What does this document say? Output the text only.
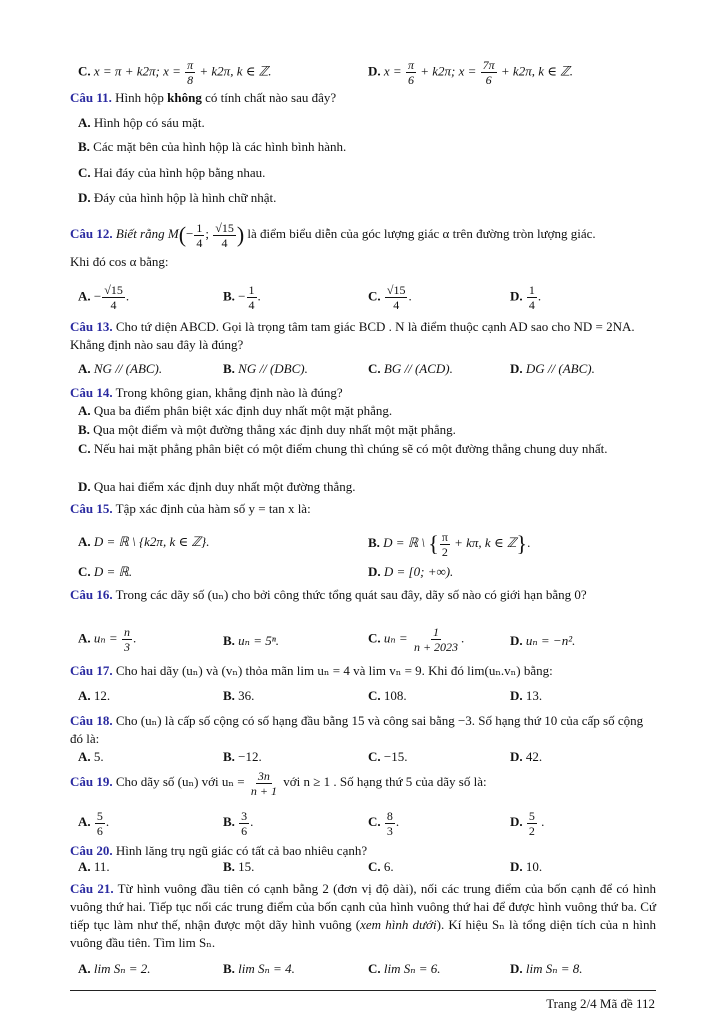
C. x = π + k2π; $x = \frac{\pi}{8} + k2\pi$, k ∈ ℤ.	D. $x = \frac{\pi}{6} + k2\pi$; $x = \frac{7\pi}{6} + k2\pi$, k ∈ ℤ.
Câu 11. Hình hộp không có tính chất nào sau đây?
A. Hình hộp có sáu mặt.
B. Các mặt bên của hình hộp là các hình bình hành.
C. Hai đáy của hình hộp bằng nhau.
D. Đáy của hình hộp là hình chữ nhật.
Câu 12. Biết rằng $M(- \frac{1}{4}$ ; $\frac{√15}{4}$ ) là điểm biểu diễn của góc lượng giác α trên đường tròn lượng giác.
Khi đó cos α bằng:
A. − $\frac{√15}{4}$ .	B. − $\frac{1}{4}$ .	C. $\frac{√15}{4}$ .	D. $\frac{1}{4}$ .
Câu 13. Cho tứ diện ABCD. Gọi là trọng tâm tam giác BCD . N là điểm thuộc cạnh AD sao cho ND = 2NA. Khẳng định nào sau đây là đúng?
A. NG // (ABC).	B. NG // (DBC).	C. BG // (ACD).	D. DG // (ABC).
Câu 14. Trong không gian, khẳng định nào là đúng?
A. Qua ba điểm phân biệt xác định duy nhất một mặt phẳng.
B. Qua một điểm và một đường thẳng xác định duy nhất một mặt phẳng.
C. Nếu hai mặt phẳng phân biệt có một điểm chung thì chúng sẽ có một đường thẳng chung duy nhất.
D. Qua hai điểm xác định duy nhất một đường thẳng.
Câu 15. Tập xác định của hàm số y = tan x là:
A. D = ℝ \ {k2π, k ∈ ℤ}.	B. D = ℝ \ { $\frac{\pi}{2} + k\pi$, k ∈ ℤ}.
C. D = ℝ.	D. D = [0; +∞).
Câu 16. Trong các dãy số (uₙ) cho bởi công thức tổng quát sau đây, dãy số nào có giới hạn bằng 0?
A. $u_n = \frac{n}{3}$ .	B. uₙ = 5ⁿ.	C. $u_n = \frac{1}{n + 2023}$ .	D. uₙ = −n².
Câu 17. Cho hai dãy (uₙ) và (vₙ) thỏa mãn lim uₙ = 4 và lim vₙ = 9. Khi đó lim(uₙ.vₙ) bằng:
A. 12.	B. 36.	C. 108.	D. 13.
Câu 18. Cho (uₙ) là cấp số cộng có số hạng đầu bằng 15 và công sai bằng −3. Số hạng thứ 10 của cấp số cộng đó là:
A. 5.	B. −12.	C. −15.	D. 42.
Câu 19. Cho dãy số (uₙ) với $u_n = \frac{3n}{n + 1}$ với n ≥ 1 . Số hạng thứ 5 của dãy số là:
A. $\frac{5}{6}$ .	B. $\frac{3}{6}$ .	C. $\frac{8}{3}$ .	D. $\frac{5}{2}$ .
Câu 20. Hình lăng trụ ngũ giác có tất cả bao nhiêu cạnh?
A. 11.	B. 15.	C. 6.	D. 10.
Câu 21. Từ hình vuông đầu tiên có cạnh bằng 2 (đơn vị độ dài), nối các trung điểm của bốn cạnh để có hình vuông thứ hai. Tiếp tục nối các trung điểm của bốn cạnh của hình vuông thứ hai để được hình vuông thứ ba. Cứ tiếp tục làm như thế, nhận được một dãy hình vuông (xem hình dưới). Kí hiệu Sₙ là tổng diện tích của n hình vuông đầu tiên. Tìm lim Sₙ.
A. lim Sₙ = 2.	B. lim Sₙ = 4.	C. lim Sₙ = 6.	D. lim Sₙ = 8.
Trang 2/4 Mã đề 112
